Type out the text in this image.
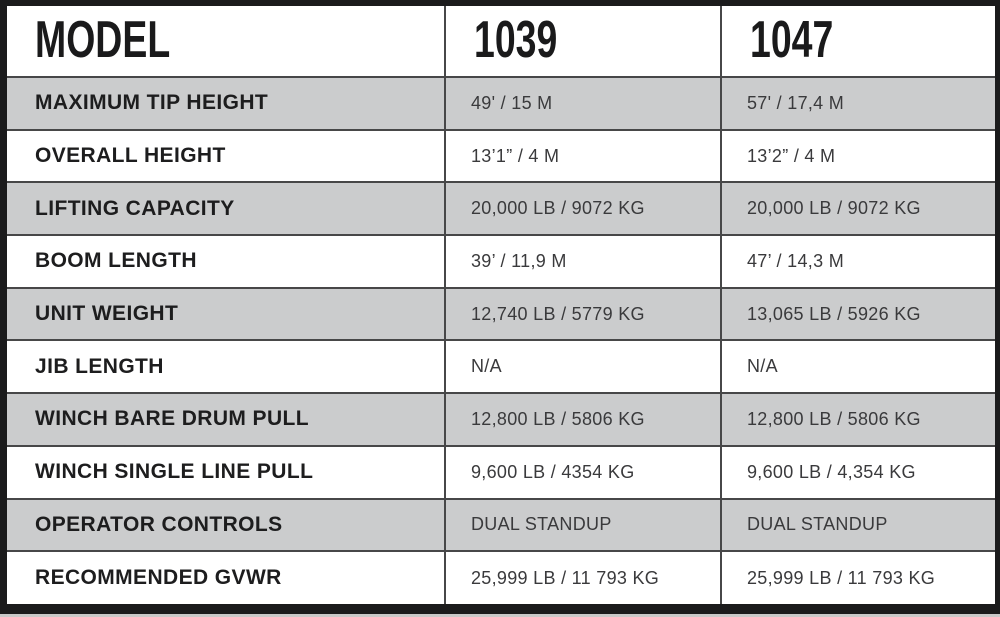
MODEL	1039	1047
MAXIMUM TIP HEIGHT	49' / 15 M	57' / 17,4 M
OVERALL HEIGHT	13’1” / 4 M	13’2” / 4 M
LIFTING CAPACITY	20,000 LB / 9072 KG	20,000 LB / 9072 KG
BOOM LENGTH	39’ / 11,9 M	47’ / 14,3 M
UNIT WEIGHT	12,740 LB / 5779 KG	13,065 LB / 5926 KG
JIB LENGTH	N/A	N/A
WINCH BARE DRUM PULL	12,800 LB / 5806 KG	12,800 LB / 5806 KG
WINCH SINGLE LINE PULL	9,600 LB / 4354 KG	9,600 LB / 4,354 KG
OPERATOR CONTROLS	DUAL STANDUP	DUAL STANDUP
RECOMMENDED GVWR	25,999 LB / 11 793 KG	25,999 LB / 11 793 KG
